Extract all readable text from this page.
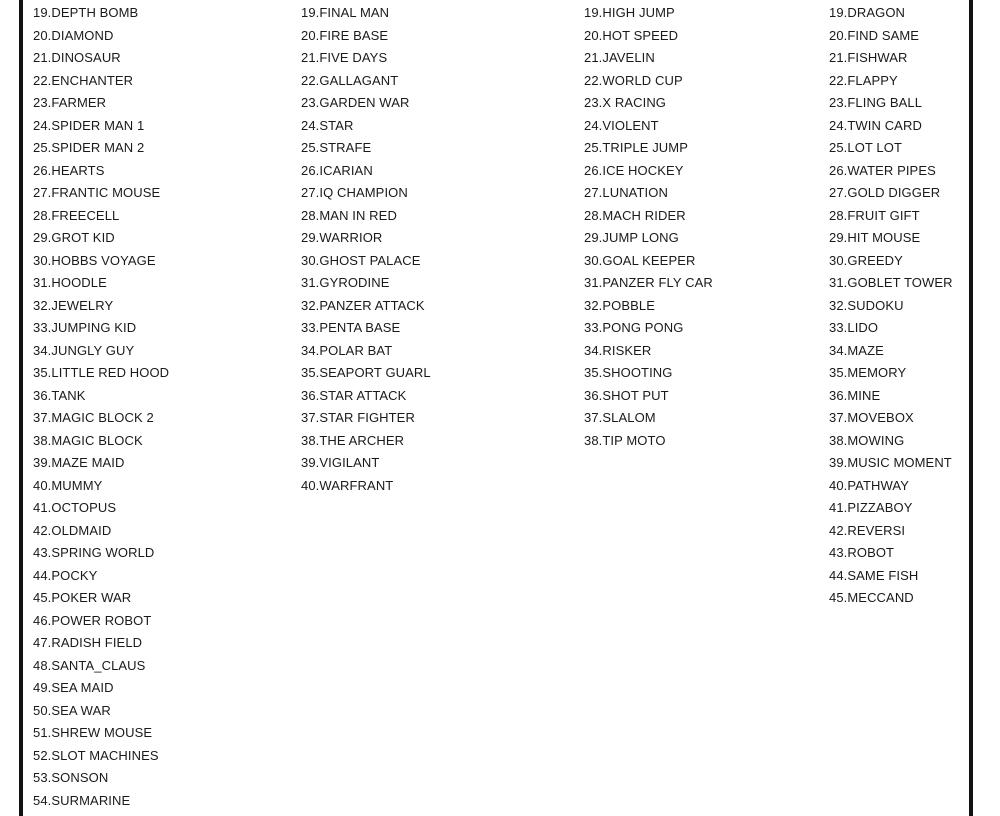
19.DEPTH BOMB
20.DIAMOND
21.DINOSAUR
22.ENCHANTER
23.FARMER
24.SPIDER MAN 1
25.SPIDER MAN 2
26.HEARTS
27.FRANTIC MOUSE
28.FREECELL
29.GROT KID
30.HOBBS VOYAGE
31.HOODLE
32.JEWELRY
33.JUMPING KID
34.JUNGLY GUY
35.LITTLE RED HOOD
36.TANK
37.MAGIC BLOCK 2
38.MAGIC BLOCK
39.MAZE MAID
40.MUMMY
41.OCTOPUS
42.OLDMAID
43.SPRING WORLD
44.POCKY
45.POKER WAR
46.POWER ROBOT
47.RADISH FIELD
48.SANTA_CLAUS
49.SEA MAID
50.SEA WAR
51.SHREW MOUSE
52.SLOT MACHINES
53.SONSON
54.SURMARINE
19.FINAL MAN
20.FIRE BASE
21.FIVE DAYS
22.GALLAGANT
23.GARDEN WAR
24.STAR
25.STRAFE
26.ICARIAN
27.IQ CHAMPION
28.MAN IN RED
29.WARRIOR
30.GHOST PALACE
31.GYRODINE
32.PANZER ATTACK
33.PENTA BASE
34.POLAR BAT
35.SEAPORT GUARL
36.STAR ATTACK
37.STAR FIGHTER
38.THE ARCHER
39.VIGILANT
40.WARFRANT
19.HIGH JUMP
20.HOT SPEED
21.JAVELIN
22.WORLD CUP
23.X RACING
24.VIOLENT
25.TRIPLE JUMP
26.ICE HOCKEY
27.LUNATION
28.MACH RIDER
29.JUMP LONG
30.GOAL KEEPER
31.PANZER FLY CAR
32.POBBLE
33.PONG PONG
34.RISKER
35.SHOOTING
36.SHOT PUT
37.SLALOM
38.TIP MOTO
19.DRAGON
20.FIND SAME
21.FISHWAR
22.FLAPPY
23.FLING BALL
24.TWIN CARD
25.LOT LOT
26.WATER PIPES
27.GOLD DIGGER
28.FRUIT GIFT
29.HIT MOUSE
30.GREEDY
31.GOBLET TOWER
32.SUDOKU
33.LIDO
34.MAZE
35.MEMORY
36.MINE
37.MOVEBOX
38.MOWING
39.MUSIC MOMENT
40.PATHWAY
41.PIZZABOY
42.REVERSI
43.ROBOT
44.SAME FISH
45.MECCAND
